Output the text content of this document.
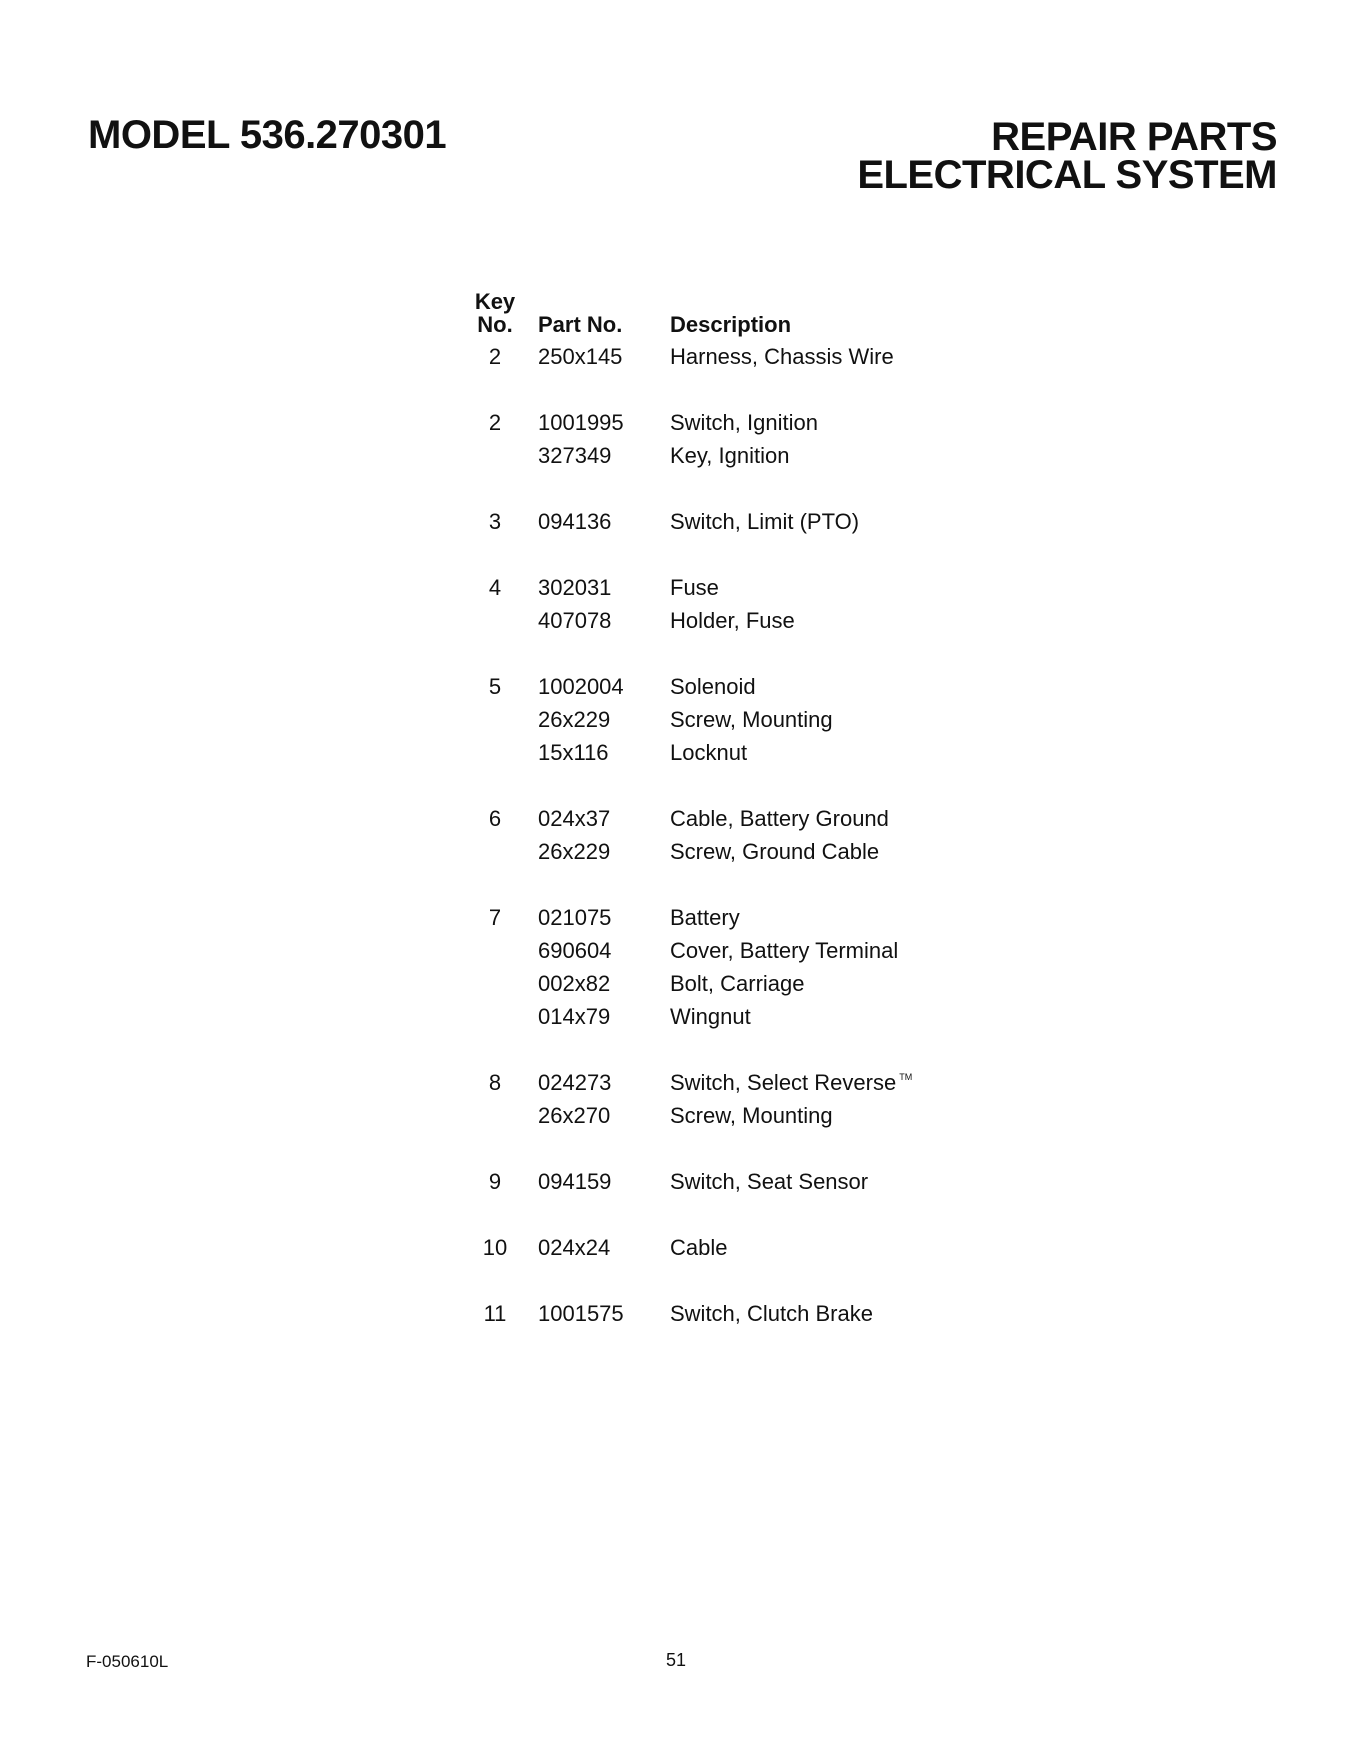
MODEL 536.270301	REPAIR PARTS
ELECTRICAL SYSTEM
Key
No.	Part No.	Description
2	250x145	Harness, Chassis Wire

2	1001995	Switch, Ignition
	327349	Key, Ignition

3	094136	Switch, Limit (PTO)

4	302031	Fuse
	407078	Holder, Fuse

5	1002004	Solenoid
	26x229	Screw, Mounting
	15x116	Locknut

6	024x37	Cable, Battery Ground
	26x229	Screw, Ground Cable

7	021075	Battery
	690604	Cover, Battery Terminal
	002x82	Bolt, Carriage
	014x79	Wingnut

8	024273	Switch, Select Reverse ™
	26x270	Screw, Mounting

9	094159	Switch, Seat Sensor

10	024x24	Cable

11	1001575	Switch, Clutch Brake
F-050610L	51
